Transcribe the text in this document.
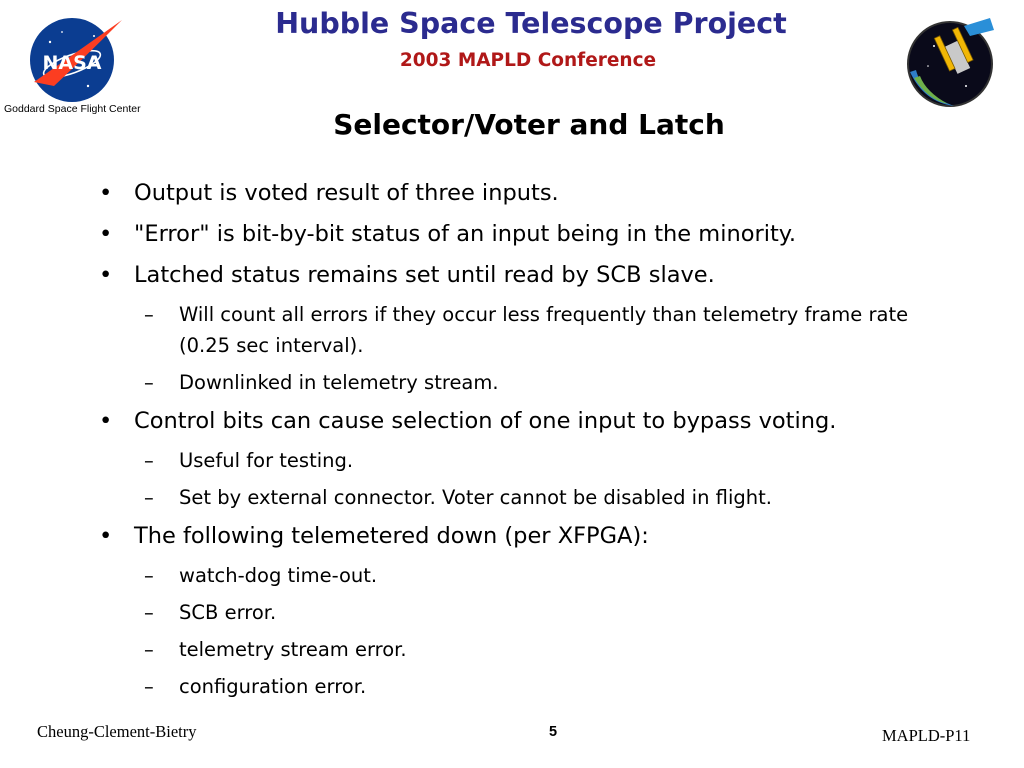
NASA
Goddard Space Flight Center
Hubble Space Telescope Project
2003 MAPLD Conference
Selector/Voter and Latch
• Output is voted result of three inputs.
• "Error" is bit-by-bit status of an input being in the minority.
• Latched status remains set until read by SCB slave.
– Will count all errors if they occur less frequently than telemetry frame rate (0.25 sec interval).
– Downlinked in telemetry stream.
• Control bits can cause selection of one input to bypass voting.
– Useful for testing.
– Set by external connector. Voter cannot be disabled in flight.
• The following telemetered down (per XFPGA):
– watch-dog time-out.
– SCB error.
– telemetry stream error.
– configuration error.
Cheung-Clement-Bietry	5	MAPLD-P11
